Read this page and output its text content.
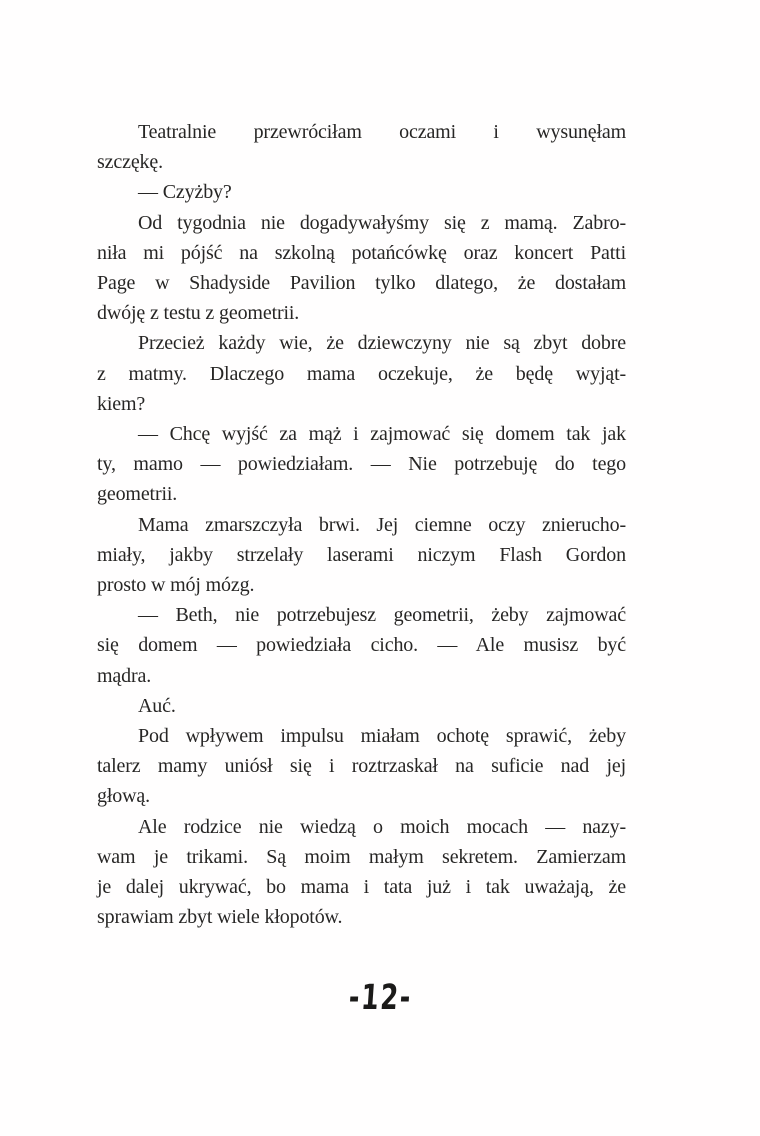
Teatralnie przewróciłam oczami i wysunęłam
szczękę.

— Czyżby?

Od tygodnia nie dogadywałyśmy się z mamą. Zabro-
niła mi pójść na szkolną potańcówkę oraz koncert Patti
Page w Shadyside Pavilion tylko dlatego, że dostałam
dwóję z testu z geometrii.

Przecież każdy wie, że dziewczyny nie są zbyt dobre
z matmy. Dlaczego mama oczekuje, że będę wyjąt-
kiem?

— Chcę wyjść za mąż i zajmować się domem tak jak
ty, mamo — powiedziałam. — Nie potrzebuję do tego
geometrii.

Mama zmarszczyła brwi. Jej ciemne oczy znierucho-
miały, jakby strzelały laserami niczym Flash Gordon
prosto w mój mózg.

— Beth, nie potrzebujesz geometrii, żeby zajmować
się domem — powiedziała cicho. — Ale musisz być
mądra.

Auć.

Pod wpływem impulsu miałam ochotę sprawić, żeby
talerz mamy uniósł się i roztrzaskał na suficie nad jej
głową.

Ale rodzice nie wiedzą o moich mocach — nazy-
wam je trikami. Są moim małym sekretem. Zamierzam
je dalej ukrywać, bo mama i tata już i tak uważają, że
sprawiam zbyt wiele kłopotów.

-12-
